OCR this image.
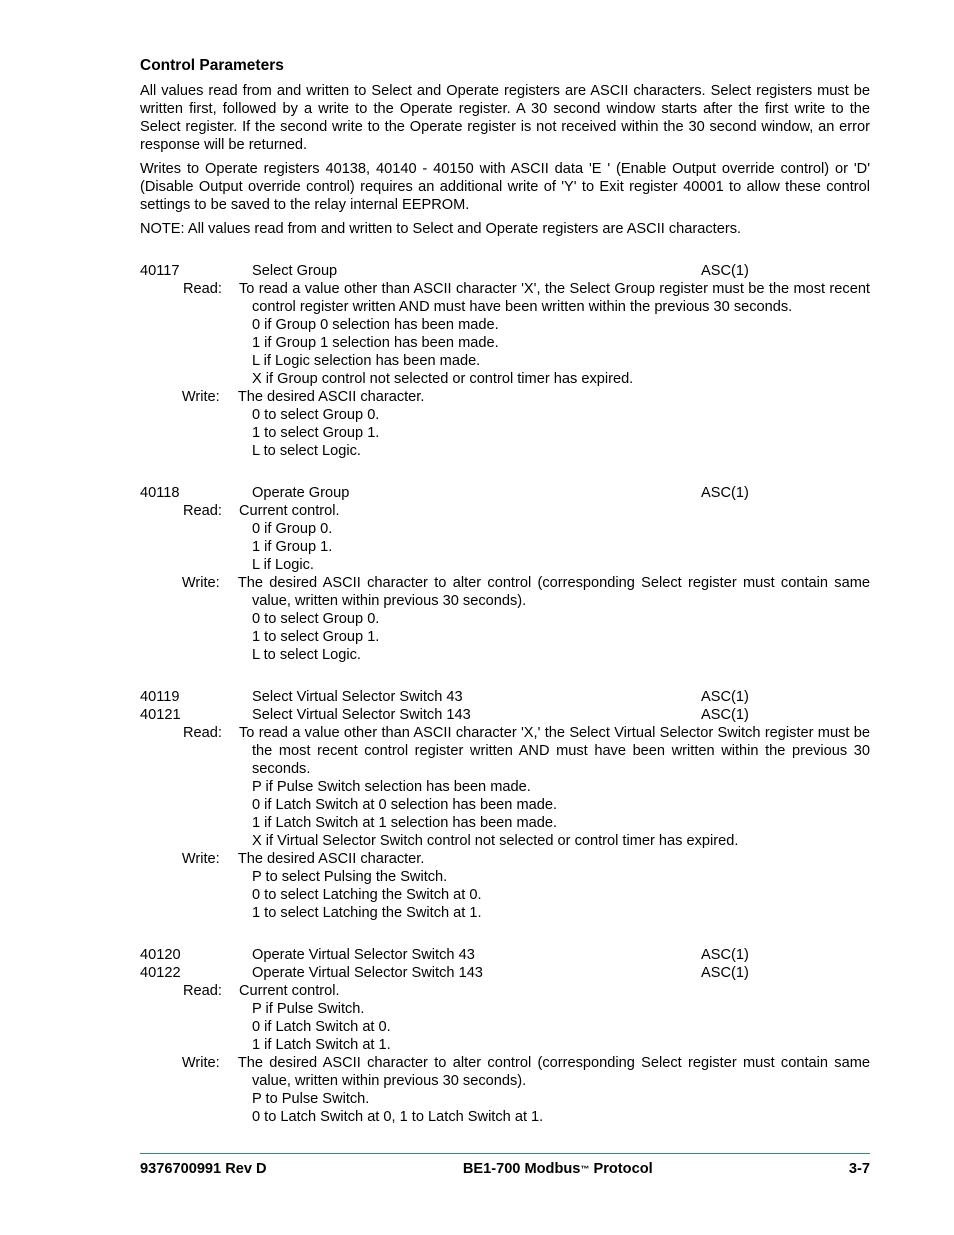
Control Parameters

All values read from and written to Select and Operate registers are ASCII characters. Select registers must be written first, followed by a write to the Operate register. A 30 second window starts after the first write to the Select register. If the second write to the Operate register is not received within the 30 second window, an error response will be returned.

Writes to Operate registers 40138, 40140 - 40150 with ASCII data 'E ' (Enable Output override control) or 'D' (Disable Output override control) requires an additional write of 'Y' to Exit register 40001 to allow these control settings to be saved to the relay internal EEPROM.

NOTE: All values read from and written to Select and Operate registers are ASCII characters.

40117	Select Group	ASC(1)
Read: To read a value other than ASCII character 'X', the Select Group register must be the most recent control register written AND must have been written within the previous 30 seconds.
0 if Group 0 selection has been made.
1 if Group 1 selection has been made.
L if Logic selection has been made.
X if Group control not selected or control timer has expired.
Write: The desired ASCII character.
0 to select Group 0.
1 to select Group 1.
L to select Logic.
40118	Operate Group	ASC(1)
Read: Current control.
0 if Group 0.
1 if Group 1.
L if Logic.
Write: The desired ASCII character to alter control (corresponding Select register must contain same value, written within previous 30 seconds).
0 to select Group 0.
1 to select Group 1.
L to select Logic.
40119	Select Virtual Selector Switch 43	ASC(1)
40121	Select Virtual Selector Switch 143	ASC(1)
Read: To read a value other than ASCII character 'X,' the Select Virtual Selector Switch register must be the most recent control register written AND must have been written within the previous 30 seconds.
P if Pulse Switch selection has been made.
0 if Latch Switch at 0 selection has been made.
1 if Latch Switch at 1 selection has been made.
X if Virtual Selector Switch control not selected or control timer has expired.
Write: The desired ASCII character.
P to select Pulsing the Switch.
0 to select Latching the Switch at 0.
1 to select Latching the Switch at 1.
40120	Operate Virtual Selector Switch 43	ASC(1)
40122	Operate Virtual Selector Switch 143	ASC(1)
Read: Current control.
P if Pulse Switch.
0 if Latch Switch at 0.
1 if Latch Switch at 1.
Write: The desired ASCII character to alter control (corresponding Select register must contain same value, written within previous 30 seconds).
P to Pulse Switch.
0 to Latch Switch at 0, 1 to Latch Switch at 1.
9376700991 Rev D	BE1-700 Modbus™ Protocol	3-7
